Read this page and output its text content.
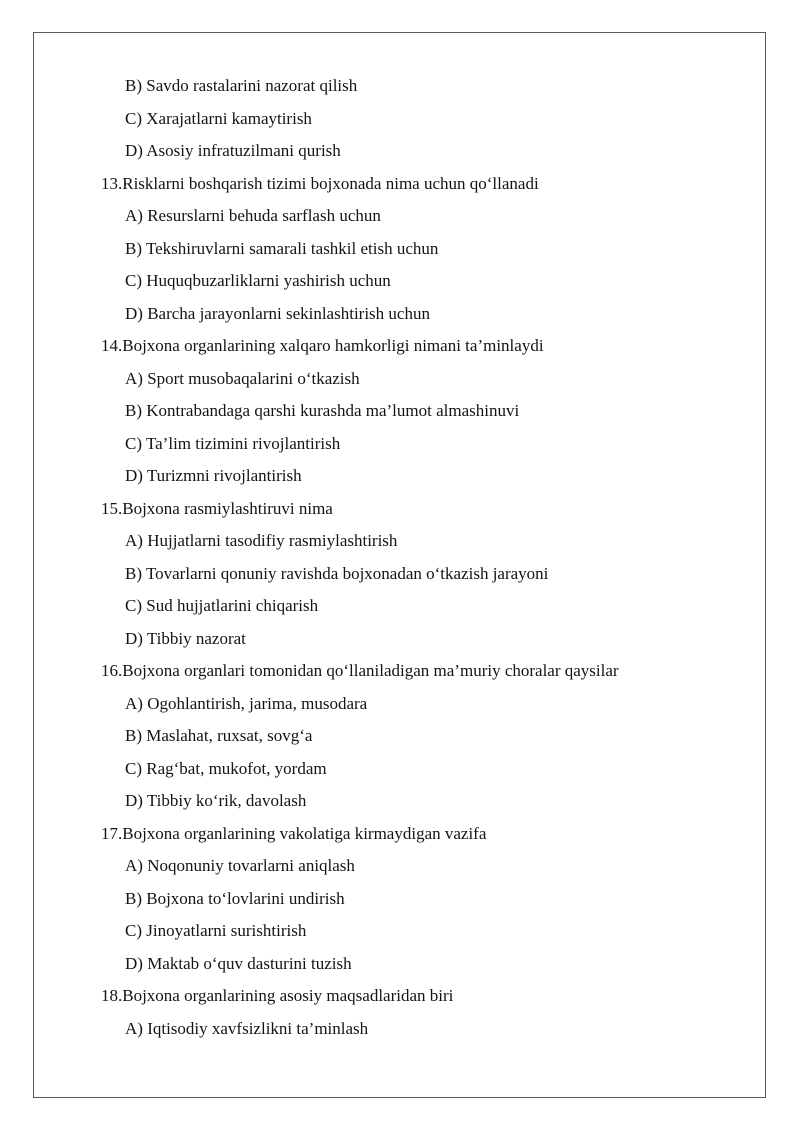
B) Savdo rastalarini nazorat qilish
C) Xarajatlarni kamaytirish
D) Asosiy infratuzilmani qurish
13.Risklarni boshqarish tizimi bojxonada nima uchun qo‘llanadi
A) Resurslarni behuda sarflash uchun
B) Tekshiruvlarni samarali tashkil etish uchun
C) Huquqbuzarliklarni yashirish uchun
D) Barcha jarayonlarni sekinlashtirish uchun
14.Bojxona organlarining xalqaro hamkorligi nimani ta’minlaydi
A) Sport musobaqalarini o‘tkazish
B) Kontrabandaga qarshi kurashda ma’lumot almashinuvi
C) Ta’lim tizimini rivojlantirish
D) Turizmni rivojlantirish
15.Bojxona rasmiylashtiruvi nima
A) Hujjatlarni tasodifiy rasmiylashtirish
B) Tovarlarni qonuniy ravishda bojxonadan o‘tkazish jarayoni
C) Sud hujjatlarini chiqarish
D) Tibbiy nazorat
16.Bojxona organlari tomonidan qo‘llaniladigan ma’muriy choralar qaysilar
A) Ogohlantirish, jarima, musodara
B) Maslahat, ruxsat, sovg‘a
C) Rag‘bat, mukofot, yordam
D) Tibbiy ko‘rik, davolash
17.Bojxona organlarining vakolatiga kirmaydigan vazifa
A) Noqonuniy tovarlarni aniqlash
B) Bojxona to‘lovlarini undirish
C) Jinoyatlarni surishtirish
D) Maktab o‘quv dasturini tuzish
18.Bojxona organlarining asosiy maqsadlaridan biri
A) Iqtisodiy xavfsizlikni ta’minlash
